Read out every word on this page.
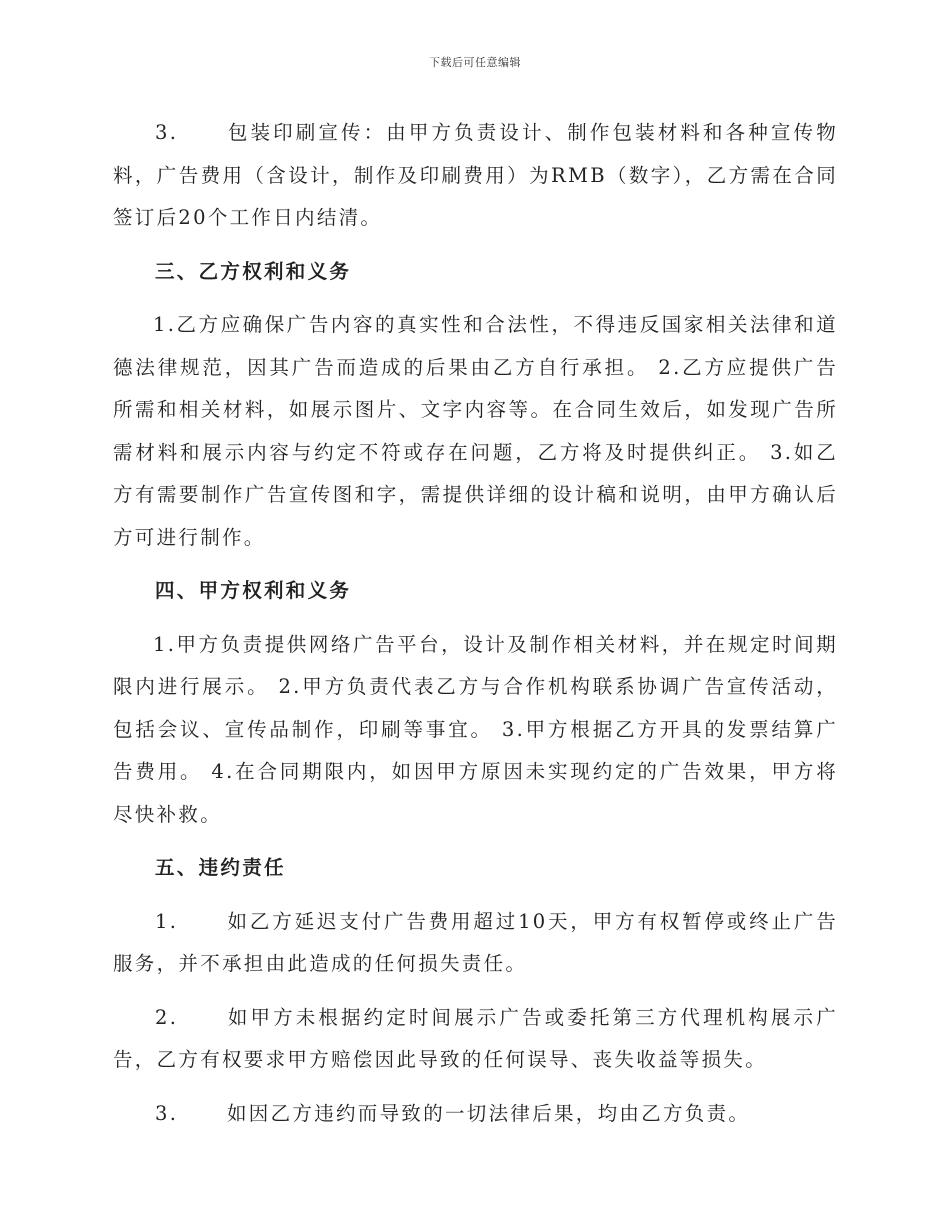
下载后可任意编辑

3.	包装印刷宣传：由甲方负责设计、制作包装材料和各种宣传物料，广告费用（含设计，制作及印刷费用）为RMB（数字），乙方需在合同签订后20个工作日内结清。

三、乙方权利和义务

1.乙方应确保广告内容的真实性和合法性，不得违反国家相关法律和道德法律规范，因其广告而造成的后果由乙方自行承担。 2.乙方应提供广告所需和相关材料，如展示图片、文字内容等。在合同生效后，如发现广告所需材料和展示内容与约定不符或存在问题，乙方将及时提供纠正。 3.如乙方有需要制作广告宣传图和字，需提供详细的设计稿和说明，由甲方确认后方可进行制作。

四、甲方权利和义务

1.甲方负责提供网络广告平台，设计及制作相关材料，并在规定时间期限内进行展示。 2.甲方负责代表乙方与合作机构联系协调广告宣传活动，包括会议、宣传品制作，印刷等事宜。 3.甲方根据乙方开具的发票结算广告费用。 4.在合同期限内，如因甲方原因未实现约定的广告效果，甲方将尽快补救。

五、违约责任

1.	如乙方延迟支付广告费用超过10天，甲方有权暂停或终止广告服务，并不承担由此造成的任何损失责任。

2.	如甲方未根据约定时间展示广告或委托第三方代理机构展示广告，乙方有权要求甲方赔偿因此导致的任何误导、丧失收益等损失。

3.	如因乙方违约而导致的一切法律后果，均由乙方负责。
